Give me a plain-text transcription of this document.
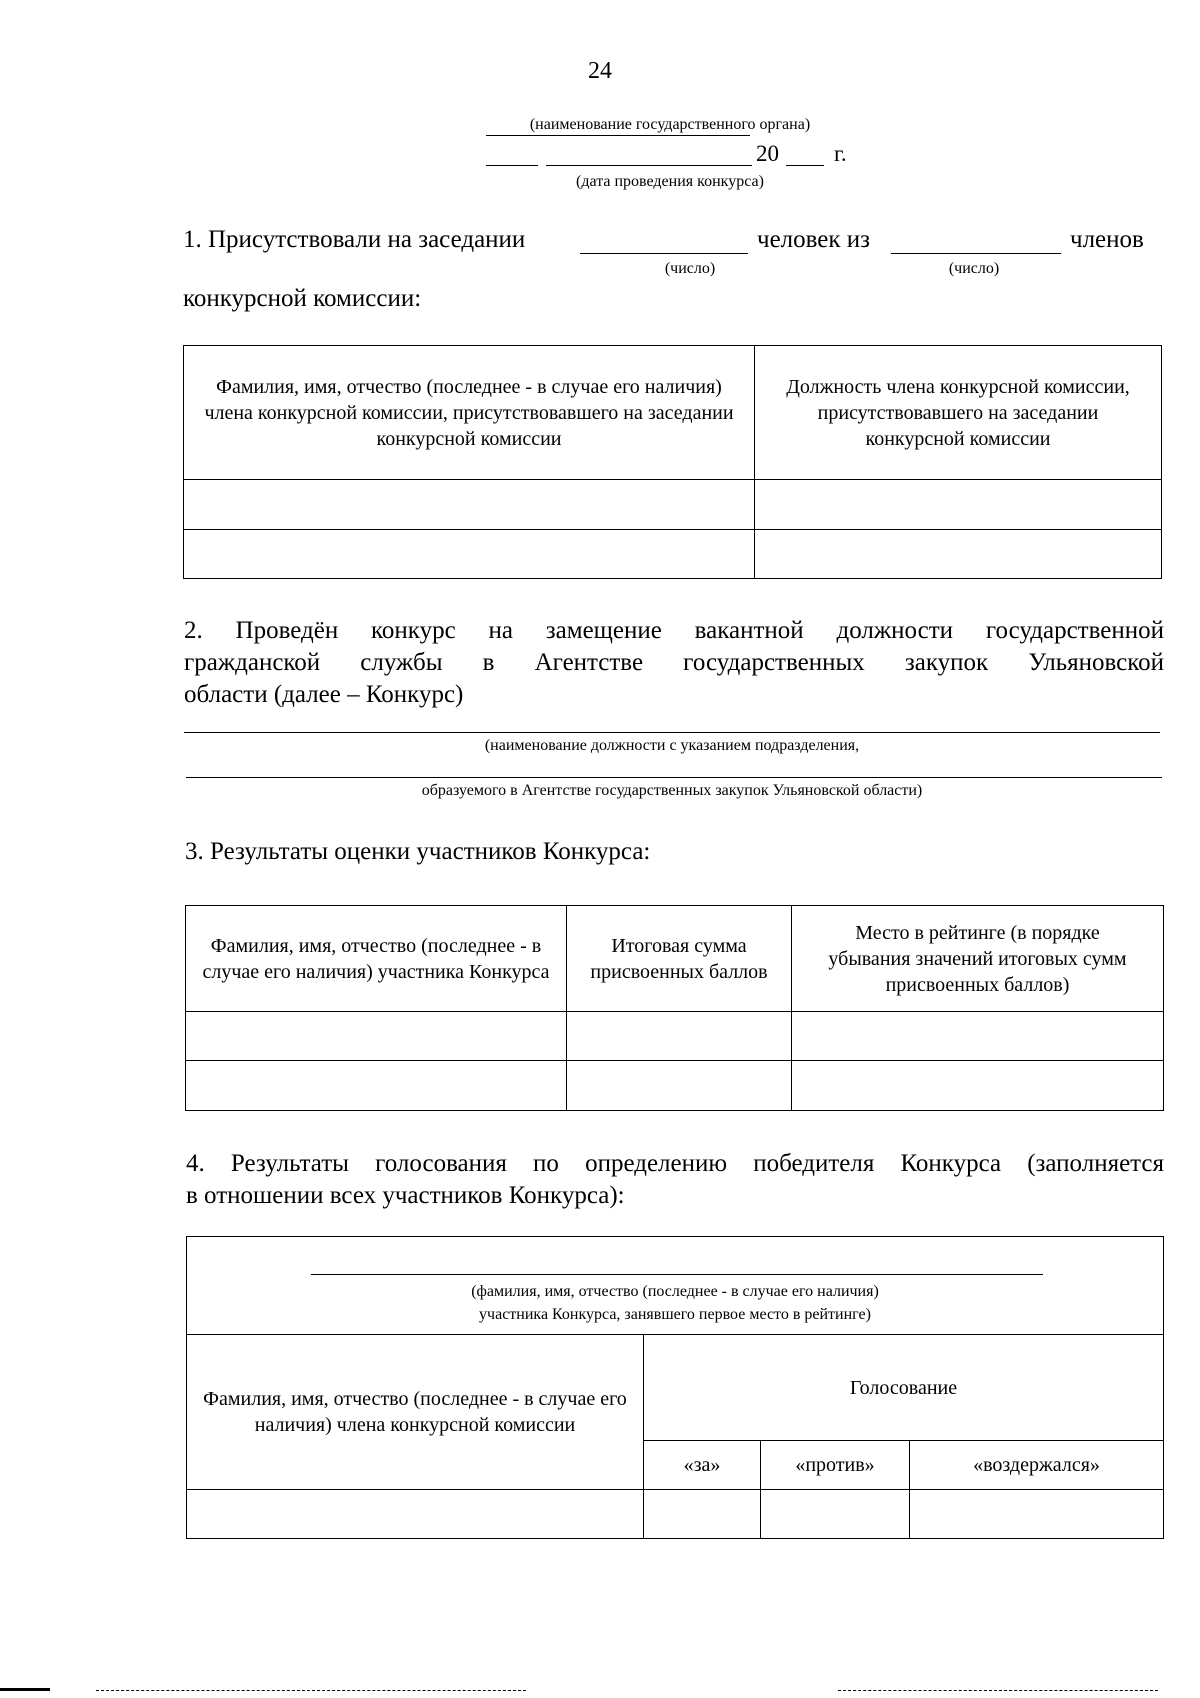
24
(наименование государственного органа)
20 г.
(дата проведения конкурса)
1. Присутствовали на заседании	человек из	членов
(число)	(число)
конкурсной комиссии:
Фамилия, имя, отчество (последнее - в случае его наличия) члена конкурсной комиссии, присутствовавшего на заседании конкурсной комиссии	Должность члена конкурсной комиссии, присутствовавшего на заседании конкурсной комиссии

2. Проведён конкурс на замещение вакантной должности государственной
гражданской службы в Агентстве государственных закупок Ульяновской
области (далее – Конкурс)
(наименование должности с указанием подразделения,
образуемого в Агентстве государственных закупок Ульяновской области)
3. Результаты оценки участников Конкурса:
Фамилия, имя, отчество (последнее - в случае его наличия) участника Конкурса	Итоговая сумма присвоенных баллов	Место в рейтинге (в порядке убывания значений итоговых сумм присвоенных баллов)

4. Результаты голосования по определению победителя Конкурса (заполняется
в отношении всех участников Конкурса):
(фамилия, имя, отчество (последнее - в случае его наличия)
участника Конкурса, занявшего первое место в рейтинге)			

Фамилия, имя, отчество (последнее - в случае его наличия) члена конкурсной комиссии	Голосование		
	«за»	«против»	«воздержался»
